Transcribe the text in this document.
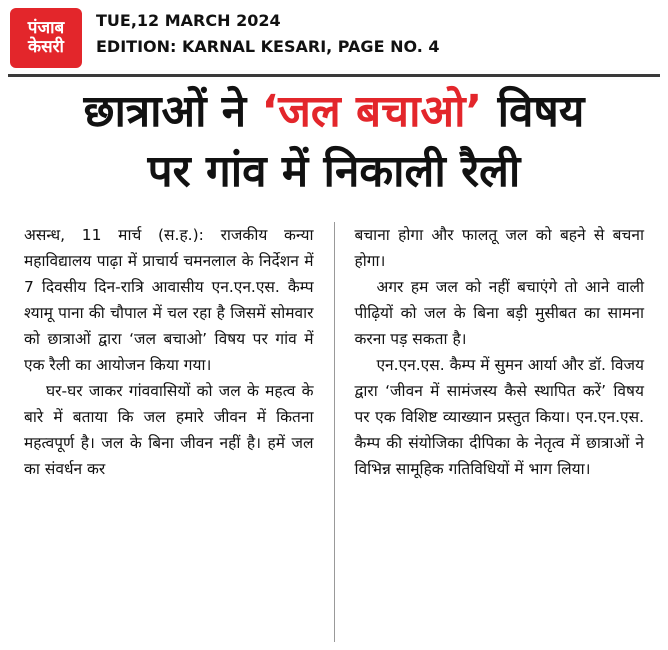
पंजाब
केसरी
TUE,12 MARCH 2024
EDITION: KARNAL KESARI, PAGE NO. 4
छात्राओं ने ‘जल बचाओ’ विषय
पर गांव में निकाली रैली

असन्ध, 11 मार्च (स.ह.): राजकीय कन्या महाविद्यालय पाढ़ा में प्राचार्य चमनलाल के निर्देशन में 7 दिवसीय दिन-रात्रि आवासीय एन.एन.एस. कैम्प श्यामू पाना की चौपाल में चल रहा है जिसमें सोमवार को छात्राओं द्वारा ‘जल बचाओ’ विषय पर गांव में एक रैली का आयोजन किया गया।

घर-घर जाकर गांववासियों को जल के महत्व के बारे में बताया कि जल हमारे जीवन में कितना महत्वपूर्ण है। जल के बिना जीवन नहीं है। हमें जल का संवर्धन कर

बचाना होगा और फालतू जल को बहने से बचना होगा।

अगर हम जल को नहीं बचाएंगे तो आने वाली पीढ़ियों को जल के बिना बड़ी मुसीबत का सामना करना पड़ सकता है।

एन.एन.एस. कैम्प में सुमन आर्या और डॉ. विजय द्वारा ‘जीवन में सामंजस्य कैसे स्थापित करें’ विषय पर एक विशिष्ट व्याख्यान प्रस्तुत किया। एन.एन.एस. कैम्प की संयोजिका दीपिका के नेतृत्व में छात्राओं ने विभिन्न सामूहिक गतिविधियों में भाग लिया।
